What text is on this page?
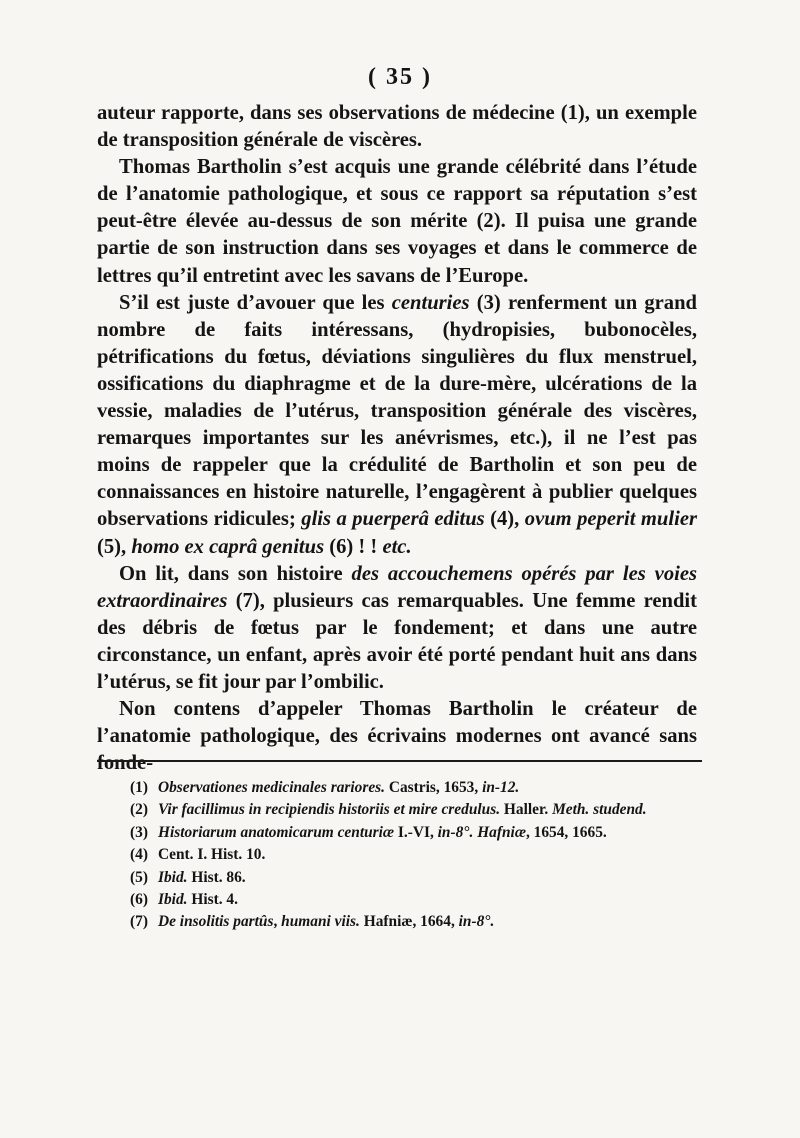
( 35 )

auteur rapporte, dans ses observations de médecine (1), un exemple de transposition générale de viscères.

Thomas Bartholin s’est acquis une grande célébrité dans l’étude de l’anatomie pathologique, et sous ce rapport sa réputation s’est peut-être élevée au-dessus de son mérite (2). Il puisa une grande partie de son instruction dans ses voyages et dans le commerce de lettres qu’il entretint avec les savans de l’Europe.

S’il est juste d’avouer que les centuries (3) renferment un grand nombre de faits intéressans, (hydropisies, bubonocèles, pétrifications du fœtus, déviations singulières du flux menstruel, ossifications du diaphragme et de la dure-mère, ulcérations de la vessie, maladies de l’utérus, transposition générale des viscères, remarques importantes sur les anévrismes, etc.), il ne l’est pas moins de rappeler que la crédulité de Bartholin et son peu de connaissances en histoire naturelle, l’engagèrent à publier quelques observations ridicules; glis a puerperâ editus (4), ovum peperit mulier (5), homo ex caprâ genitus (6) ! ! etc.

On lit, dans son histoire des accouchemens opérés par les voies extraordinaires (7), plusieurs cas remarquables. Une femme rendit des débris de fœtus par le fondement; et dans une autre circonstance, un enfant, après avoir été porté pendant huit ans dans l’utérus, se fit jour par l’ombilic.

Non contens d’appeler Thomas Bartholin le créateur de l’anatomie pathologique, des écrivains modernes ont avancé sans fonde-

(1) Observationes medicinales rariores. Castris, 1653, in-12.
(2) Vir facillimus in recipiendis historiis et mire credulus. Haller. Meth. studend.
(3) Historiarum anatomicarum centuriæ I.-VI, in-8°. Hafniæ, 1654, 1665.
(4) Cent. I. Hist. 10.
(5) Ibid. Hist. 86.
(6) Ibid. Hist. 4.
(7) De insolitis partûs, humani viis. Hafniæ, 1664, in-8°.
